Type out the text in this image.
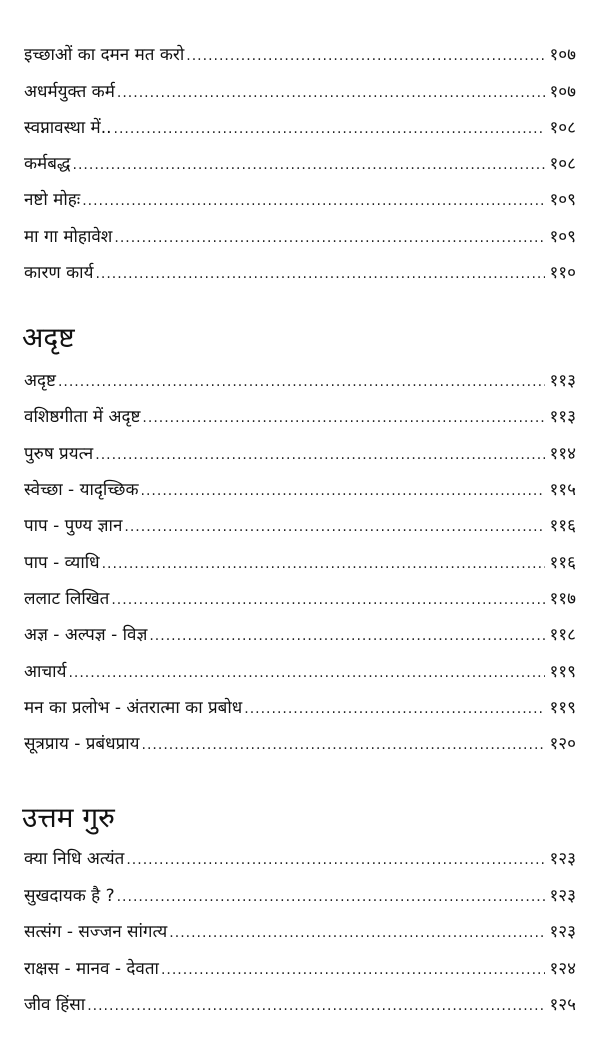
इच्छाओं का दमन मत करो .....	१०७
अधर्मयुक्त कर्म .....	१०७
स्वप्नावस्था में.. .....	१०८
कर्मबद्ध .....	१०८
नष्टो मोहः .....	१०९
मा गा मोहावेश .....	१०९
कारण कार्य .....	११०
अदृष्ट
अदृष्ट .....	११३
वशिष्ठगीता में अदृष्ट .....	११३
पुरुष प्रयत्न .....	११४
स्वेच्छा - यादृच्छिक .....	११५
पाप - पुण्य ज्ञान .....	११६
पाप - व्याधि .....	११६
ललाट लिखित .....	११७
अज्ञ - अल्पज्ञ - विज्ञ .....	११८
आचार्य .....	११९
मन का प्रलोभ - अंतरात्मा का प्रबोध .....	११९
सूत्रप्राय - प्रबंधप्राय .....	१२०
उत्तम गुरु
क्या निधि अत्यंत .....	१२३
सुखदायक है ? .....	१२३
सत्संग - सज्जन सांगत्य .....	१२३
राक्षस - मानव - देवता .....	१२४
जीव हिंसा .....	१२५
